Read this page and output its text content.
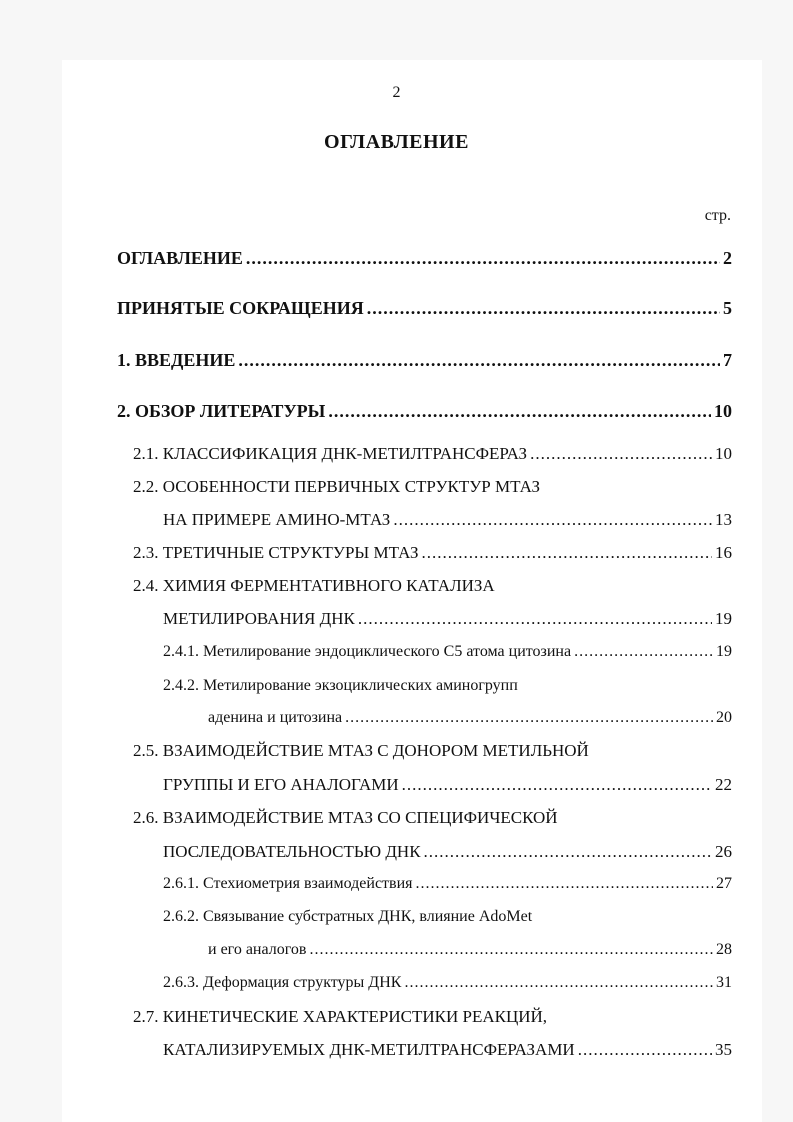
2
ОГЛАВЛЕНИЕ
стр.
ОГЛАВЛЕНИЕ .....	2
ПРИНЯТЫЕ СОКРАЩЕНИЯ .....	5
1. ВВЕДЕНИЕ .....	7
2. ОБЗОР ЛИТЕРАТУРЫ .....	10
2.1. КЛАССИФИКАЦИЯ ДНК-МЕТИЛТРАНСФЕРАЗ .....	10
2.2. ОСОБЕННОСТИ ПЕРВИЧНЫХ СТРУКТУР МТАЗ
НА ПРИМЕРЕ АМИНО-МТАЗ .....	13
2.3. ТРЕТИЧНЫЕ СТРУКТУРЫ МТАЗ .....	16
2.4. ХИМИЯ ФЕРМЕНТАТИВНОГО КАТАЛИЗА
МЕТИЛИРОВАНИЯ ДНК .....	19
2.4.1. Метилирование эндоциклического С5 атома цитозина .....	19
2.4.2. Метилирование экзоциклических аминогрупп
аденина и цитозина .....	20
2.5. ВЗАИМОДЕЙСТВИЕ МТАЗ С ДОНОРОМ МЕТИЛЬНОЙ
ГРУППЫ И ЕГО АНАЛОГАМИ .....	22
2.6. ВЗАИМОДЕЙСТВИЕ МТАЗ СО СПЕЦИФИЧЕСКОЙ
ПОСЛЕДОВАТЕЛЬНОСТЬЮ ДНК .....	26
2.6.1. Стехиометрия взаимодействия .....	27
2.6.2. Связывание субстратных ДНК, влияние AdoMet
и его аналогов .....	28
2.6.3. Деформация структуры ДНК .....	31
2.7. КИНЕТИЧЕСКИЕ ХАРАКТЕРИСТИКИ РЕАКЦИЙ,
КАТАЛИЗИРУЕМЫХ ДНК-МЕТИЛТРАНСФЕРАЗАМИ .....	35
